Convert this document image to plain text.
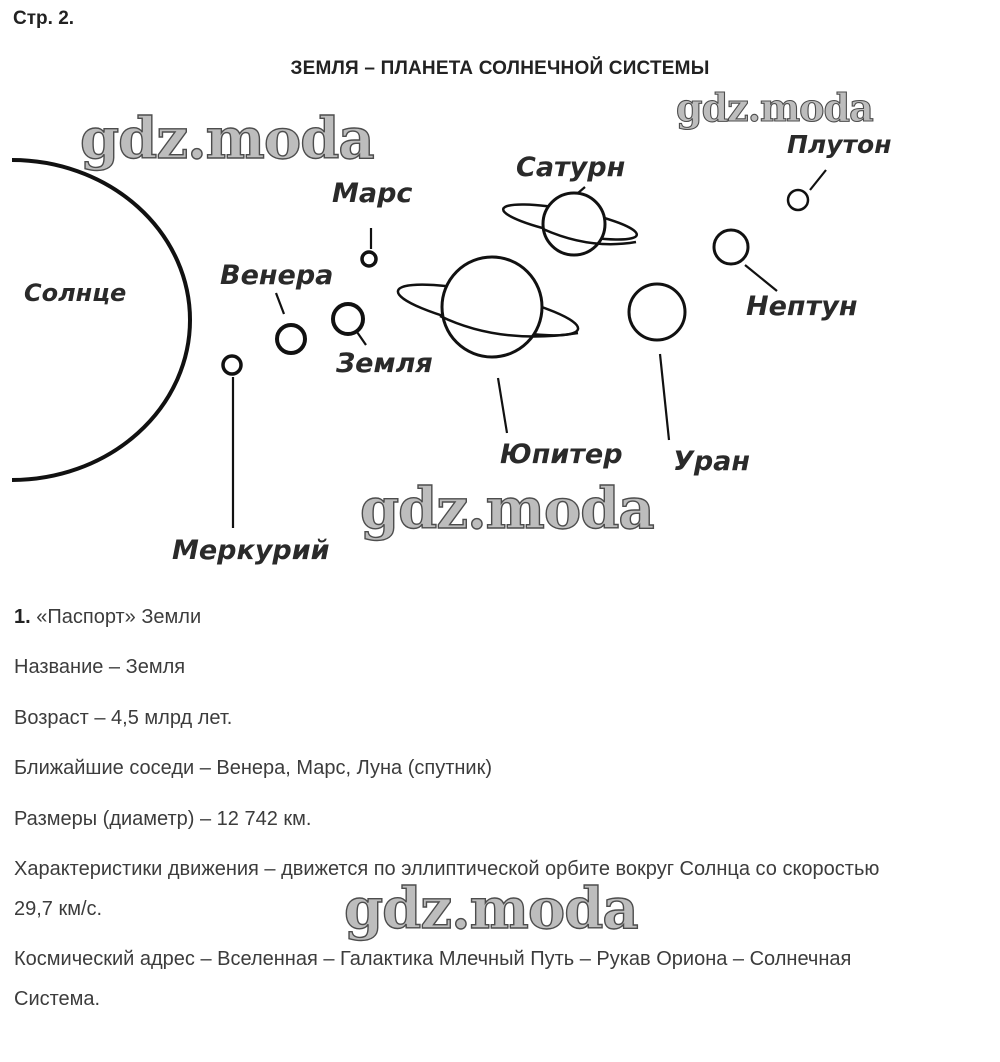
Стр. 2.
ЗЕМЛЯ – ПЛАНЕТА СОЛНЕЧНОЙ СИСТЕМЫ
Солнце
Меркурий
Венера
Земля
Марс
Юпитер
Сатурн
Уран
Нептун
Плутон
gdz.moda	gdz.moda
gdz.moda
gdz.moda
1. «Паспорт» Земли
Название – Земля
Возраст – 4,5 млрд лет.
Ближайшие соседи – Венера, Марс, Луна (спутник)
Размеры (диаметр) – 12 742 км.
Характеристики движения – движется по эллиптической орбите вокруг Солнца со скоростью
29,7 км/с.
Космический адрес – Вселенная – Галактика Млечный Путь – Рукав Ориона – Солнечная
Система.
